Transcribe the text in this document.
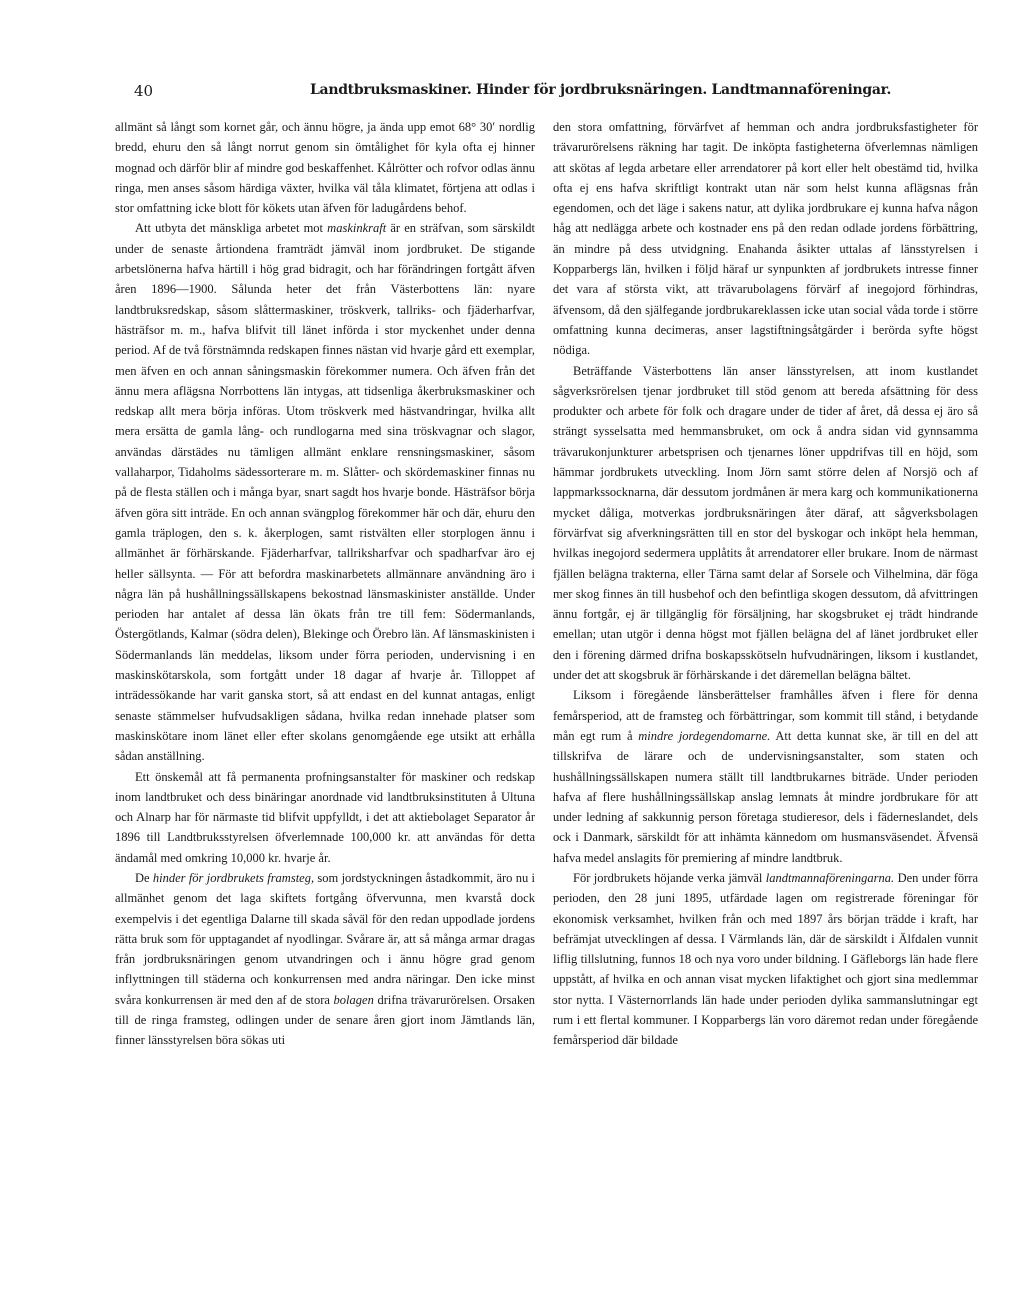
40	Landtbruksmaskiner. Hinder för jordbruksnäringen. Landtmannaföreningar.

allmänt så långt som kornet går, och ännu högre, ja ända upp emot 68° 30′ nordlig bredd, ehuru den så långt norrut genom sin ömtålighet för kyla ofta ej hinner mognad och därför blir af mindre god beskaffenhet. Kålrötter och rofvor odlas ännu ringa, men anses såsom härdiga växter, hvilka väl tåla klimatet, förtjena att odlas i stor omfattning icke blott för kökets utan äfven för ladugårdens behof.

Att utbyta det mänskliga arbetet mot maskinkraft är en sträfvan, som särskildt under de senaste årtiondena framträdt jämväl inom jordbruket. De stigande arbetslönerna hafva härtill i hög grad bidragit, och har förändringen fortgått äfven åren 1896—1900. Sålunda heter det från Västerbottens län: nyare landtbruksredskap, såsom slåttermaskiner, tröskverk, tallriks- och fjäderharfvar, hästräfsor m. m., hafva blifvit till länet införda i stor myckenhet under denna period. Af de två förstnämnda redskapen finnes nästan vid hvarje gård ett exemplar, men äfven en och annan såningsmaskin förekommer numera. Och äfven från det ännu mera aflägsna Norrbottens län intygas, att tidsenliga åkerbruksmaskiner och redskap allt mera börja införas. Utom tröskverk med hästvandringar, hvilka allt mera ersätta de gamla lång- och rundlogarna med sina tröskvagnar och slagor, användas därstädes nu tämligen allmänt enklare rensningsmaskiner, såsom vallaharpor, Tidaholms sädessorterare m. m. Slåtter- och skördemaskiner finnas nu på de flesta ställen och i många byar, snart sagdt hos hvarje bonde. Hästräfsor börja äfven göra sitt inträde. En och annan svängplog förekommer här och där, ehuru den gamla träplogen, den s. k. åkerplogen, samt ristvälten eller storplogen ännu i allmänhet är förhärskande. Fjäderharfvar, tallriksharfvar och spadharfvar äro ej heller sällsynta. — För att befordra maskinarbetets allmännare användning äro i några län på hushållningssällskapens bekostnad länsmaskinister anställde. Under perioden har antalet af dessa län ökats från tre till fem: Södermanlands, Östergötlands, Kalmar (södra delen), Blekinge och Örebro län. Af länsmaskinisten i Södermanlands län meddelas, liksom under förra perioden, undervisning i en maskinskötarskola, som fortgått under 18 dagar af hvarje år. Tilloppet af inträdessökande har varit ganska stort, så att endast en del kunnat antagas, enligt senaste stämmelser hufvudsakligen sådana, hvilka redan innehade platser som maskinskötare inom länet eller efter skolans genomgående ege utsikt att erhålla sådan anställning.

Ett önskemål att få permanenta profningsanstalter för maskiner och redskap inom landtbruket och dess binäringar anordnade vid landtbruksinstituten å Ultuna och Alnarp har för närmaste tid blifvit uppfylldt, i det att aktiebolaget Separator år 1896 till Landtbruksstyrelsen öfverlemnade 100,000 kr. att användas för detta ändamål med omkring 10,000 kr. hvarje år.

De hinder för jordbrukets framsteg, som jordstyckningen åstadkommit, äro nu i allmänhet genom det laga skiftets fortgång öfvervunna, men kvarstå dock exempelvis i det egentliga Dalarne till skada såväl för den redan uppodlade jordens rätta bruk som för upptagandet af nyodlingar. Svårare är, att så många armar dragas från jordbruksnäringen genom utvandringen och i ännu högre grad genom inflyttningen till städerna och konkurrensen med andra näringar. Den icke minst svåra konkurrensen är med den af de stora bolagen drifna trävarurörelsen. Orsaken till de ringa framsteg, odlingen under de senare åren gjort inom Jämtlands län, finner länsstyrelsen böra sökas uti

den stora omfattning, förvärfvet af hemman och andra jordbruksfastigheter för trävarurörelsens räkning har tagit. De inköpta fastigheterna öfverlemnas nämligen att skötas af legda arbetare eller arrendatorer på kort eller helt obestämd tid, hvilka ofta ej ens hafva skriftligt kontrakt utan när som helst kunna aflägsnas från egendomen, och det läge i sakens natur, att dylika jordbrukare ej kunna hafva någon håg att nedlägga arbete och kostnader ens på den redan odlade jordens förbättring, än mindre på dess utvidgning. Enahanda åsikter uttalas af länsstyrelsen i Kopparbergs län, hvilken i följd häraf ur synpunkten af jordbrukets intresse finner det vara af största vikt, att trävarubolagens förvärf af inegojord förhindras, äfvensom, då den själfegande jordbrukareklassen icke utan social våda torde i större omfattning kunna decimeras, anser lagstiftningsåtgärder i berörda syfte högst nödiga.

Beträffande Västerbottens län anser länsstyrelsen, att inom kustlandet sågverksrörelsen tjenar jordbruket till stöd genom att bereda afsättning för dess produkter och arbete för folk och dragare under de tider af året, då dessa ej äro så strängt sysselsatta med hemmansbruket, om ock å andra sidan vid gynnsamma trävarukonjunkturer arbetsprisen och tjenarnes löner uppdrifvas till en höjd, som hämmar jordbrukets utveckling. Inom Jörn samt större delen af Norsjö och af lappmarkssocknarna, där dessutom jordmånen är mera karg och kommunikationerna mycket dåliga, motverkas jordbruksnäringen åter däraf, att sågverksbolagen förvärfvat sig afverkningsrätten till en stor del byskogar och inköpt hela hemman, hvilkas inegojord sedermera upplåtits åt arrendatorer eller brukare. Inom de närmast fjällen belägna trakterna, eller Tärna samt delar af Sorsele och Vilhelmina, där föga mer skog finnes än till husbehof och den befintliga skogen dessutom, då afvittringen ännu fortgår, ej är tillgänglig för försäljning, har skogsbruket ej trädt hindrande emellan; utan utgör i denna högst mot fjällen belägna del af länet jordbruket eller den i förening därmed drifna boskapsskötseln hufvudnäringen, liksom i kustlandet, under det att skogsbruk är förhärskande i det däremellan belägna bältet.

Liksom i föregående länsberättelser framhålles äfven i flere för denna femårsperiod, att de framsteg och förbättringar, som kommit till stånd, i betydande mån egt rum å mindre jordegendomarne. Att detta kunnat ske, är till en del att tillskrifva de lärare och de undervisningsanstalter, som staten och hushållningssällskapen numera ställt till landtbrukarnes biträde. Under perioden hafva af flere hushållningssällskap anslag lemnats åt mindre jordbrukare för att under ledning af sakkunnig person företaga studieresor, dels i fäderneslandet, dels ock i Danmark, särskildt för att inhämta kännedom om husmansväsendet. Äfvensä hafva medel anslagits för premiering af mindre landtbruk.

För jordbrukets höjande verka jämväl landtmannaföreningarna. Den under förra perioden, den 28 juni 1895, utfärdade lagen om registrerade föreningar för ekonomisk verksamhet, hvilken från och med 1897 års början trädde i kraft, har befrämjat utvecklingen af dessa. I Värmlands län, där de särskildt i Älfdalen vunnit liflig tillslutning, funnos 18 och nya voro under bildning. I Gäfleborgs län hade flere uppstått, af hvilka en och annan visat mycken lifaktighet och gjort sina medlemmar stor nytta. I Västernorrlands län hade under perioden dylika sammanslutningar egt rum i ett flertal kommuner. I Kopparbergs län voro däremot redan under föregående femårsperiod där bildade
